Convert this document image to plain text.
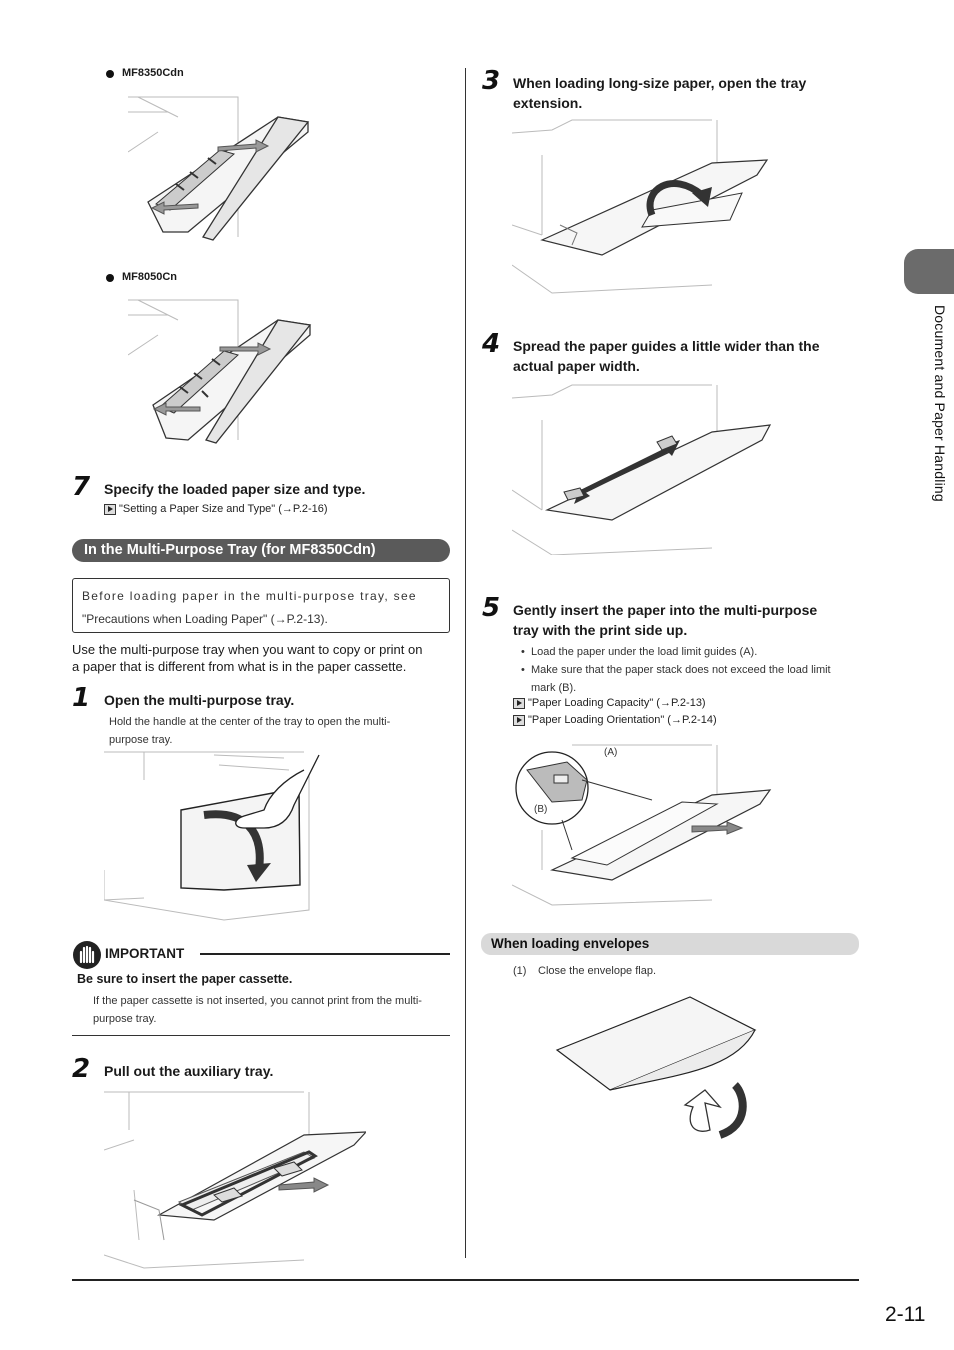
MF8350Cdn
MF8050Cn
7 Specify the loaded paper size and type.
"Setting a Paper Size and Type" (→P.2-16)
In the Multi-Purpose Tray (for MF8350Cdn)
Before loading paper in the multi-purpose tray, see
"Precautions when Loading Paper" (→P.2-13).
Use the multi-purpose tray when you want to copy or print on
a paper that is different from what is in the paper cassette.
1 Open the multi-purpose tray.
Hold the handle at the center of the tray to open the multi-
purpose tray.
IMPORTANT
Be sure to insert the paper cassette.
If the paper cassette is not inserted, you cannot print from the multi-
purpose tray.
2 Pull out the auxiliary tray.
3 When loading long-size paper, open the tray
extension.
4 Spread the paper guides a little wider than the
actual paper width.
5 Gently insert the paper into the multi-purpose
tray with the print side up.
• Load the paper under the load limit guides (A).
• Make sure that the paper stack does not exceed the load limit
mark (B).
"Paper Loading Capacity" (→P.2-13)
"Paper Loading Orientation" (→P.2-14)
(A)
(B)
When loading envelopes
(1) Close the envelope flap.
Document and Paper Handling
2-11
